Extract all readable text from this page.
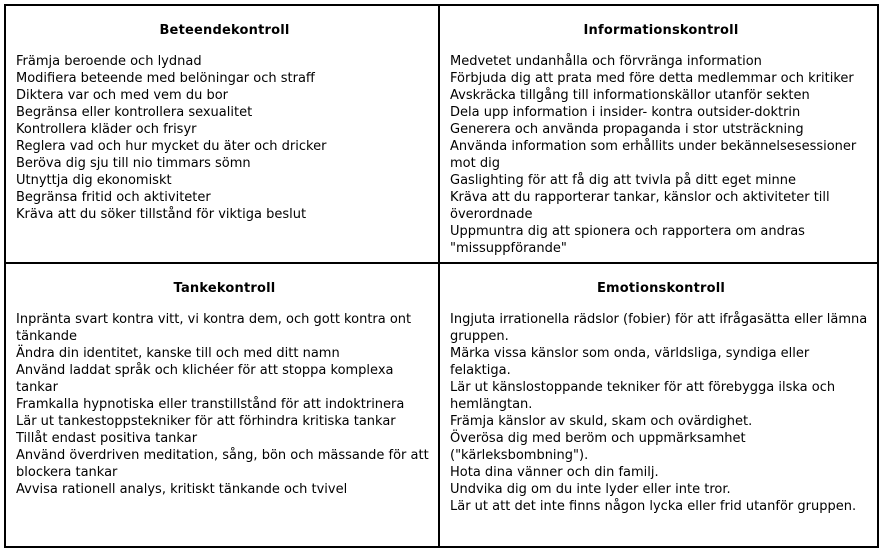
Beteendekontroll
Främja beroende och lydnad
Modifiera beteende med belöningar och straff
Diktera var och med vem du bor
Begränsa eller kontrollera sexualitet
Kontrollera kläder och frisyr
Reglera vad och hur mycket du äter och dricker
Beröva dig sju till nio timmars sömn
Utnyttja dig ekonomiskt
Begränsa fritid och aktiviteter
Kräva att du söker tillstånd för viktiga beslut
Informationskontroll
Medvetet undanhålla och förvränga information
Förbjuda dig att prata med före detta medlemmar och kritiker
Avskräcka tillgång till informationskällor utanför sekten
Dela upp information i insider- kontra outsider-doktrin
Generera och använda propaganda i stor utsträckning
Använda information som erhållits under bekännelsesessioner mot dig
Gaslighting för att få dig att tvivla på ditt eget minne
Kräva att du rapporterar tankar, känslor och aktiviteter till överordnade
Uppmuntra dig att spionera och rapportera om andras "missuppförande"
Tankekontroll
Inpränta svart kontra vitt, vi kontra dem, och gott kontra ont tänkande
Ändra din identitet, kanske till och med ditt namn
Använd laddat språk och klichéer för att stoppa komplexa tankar
Framkalla hypnotiska eller transtillstånd för att indoktrinera
Lär ut tankestoppstekniker för att förhindra kritiska tankar
Tillåt endast positiva tankar
Använd överdriven meditation, sång, bön och mässande för att blockera tankar
Avvisa rationell analys, kritiskt tänkande och tvivel
Emotionskontroll
Ingjuta irrationella rädslor (fobier) för att ifrågasätta eller lämna gruppen.
Märka vissa känslor som onda, världsliga, syndiga eller felaktiga.
Lär ut känslostoppande tekniker för att förebygga ilska och hemlängtan.
Främja känslor av skuld, skam och ovärdighet.
Överösa dig med beröm och uppmärksamhet ("kärleksbombning").
Hota dina vänner och din familj.
Undvika dig om du inte lyder eller inte tror.
Lär ut att det inte finns någon lycka eller frid utanför gruppen.
